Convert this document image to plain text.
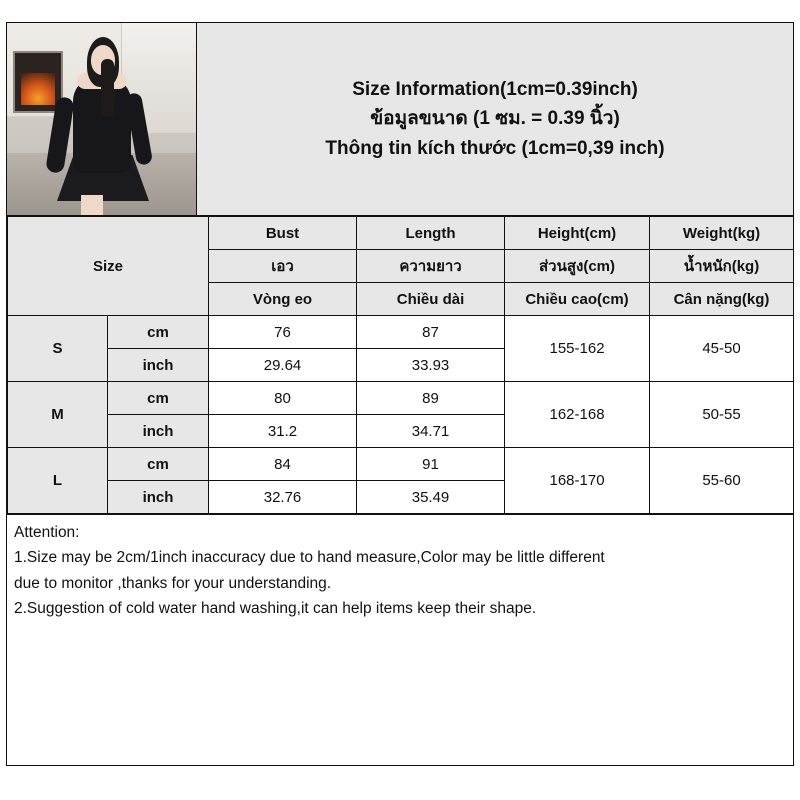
Size Information(1cm=0.39inch)
ข้อมูลขนาด (1 ซม. = 0.39 นิ้ว)
Thông tin kích thước (1cm=0,39 inch)
Size		Bust	Length	Height(cm)	Weight(kg)
		เอว	ความยาว	ส่วนสูง(cm)	น้ำหนัก(kg)
		Vòng eo	Chiều dài	Chiều cao(cm)	Cân nặng(kg)
S	cm	76	87	155-162	45-50
	inch	29.64	33.93		
M	cm	80	89	162-168	50-55
	inch	31.2	34.71		
L	cm	84	91	168-170	55-60
	inch	32.76	35.49		

Attention:

1.Size may be 2cm/1inch inaccuracy due to hand measure,Color may be little different

due to monitor ,thanks for your understanding.

2.Suggestion of cold water hand washing,it can help items keep their shape.
